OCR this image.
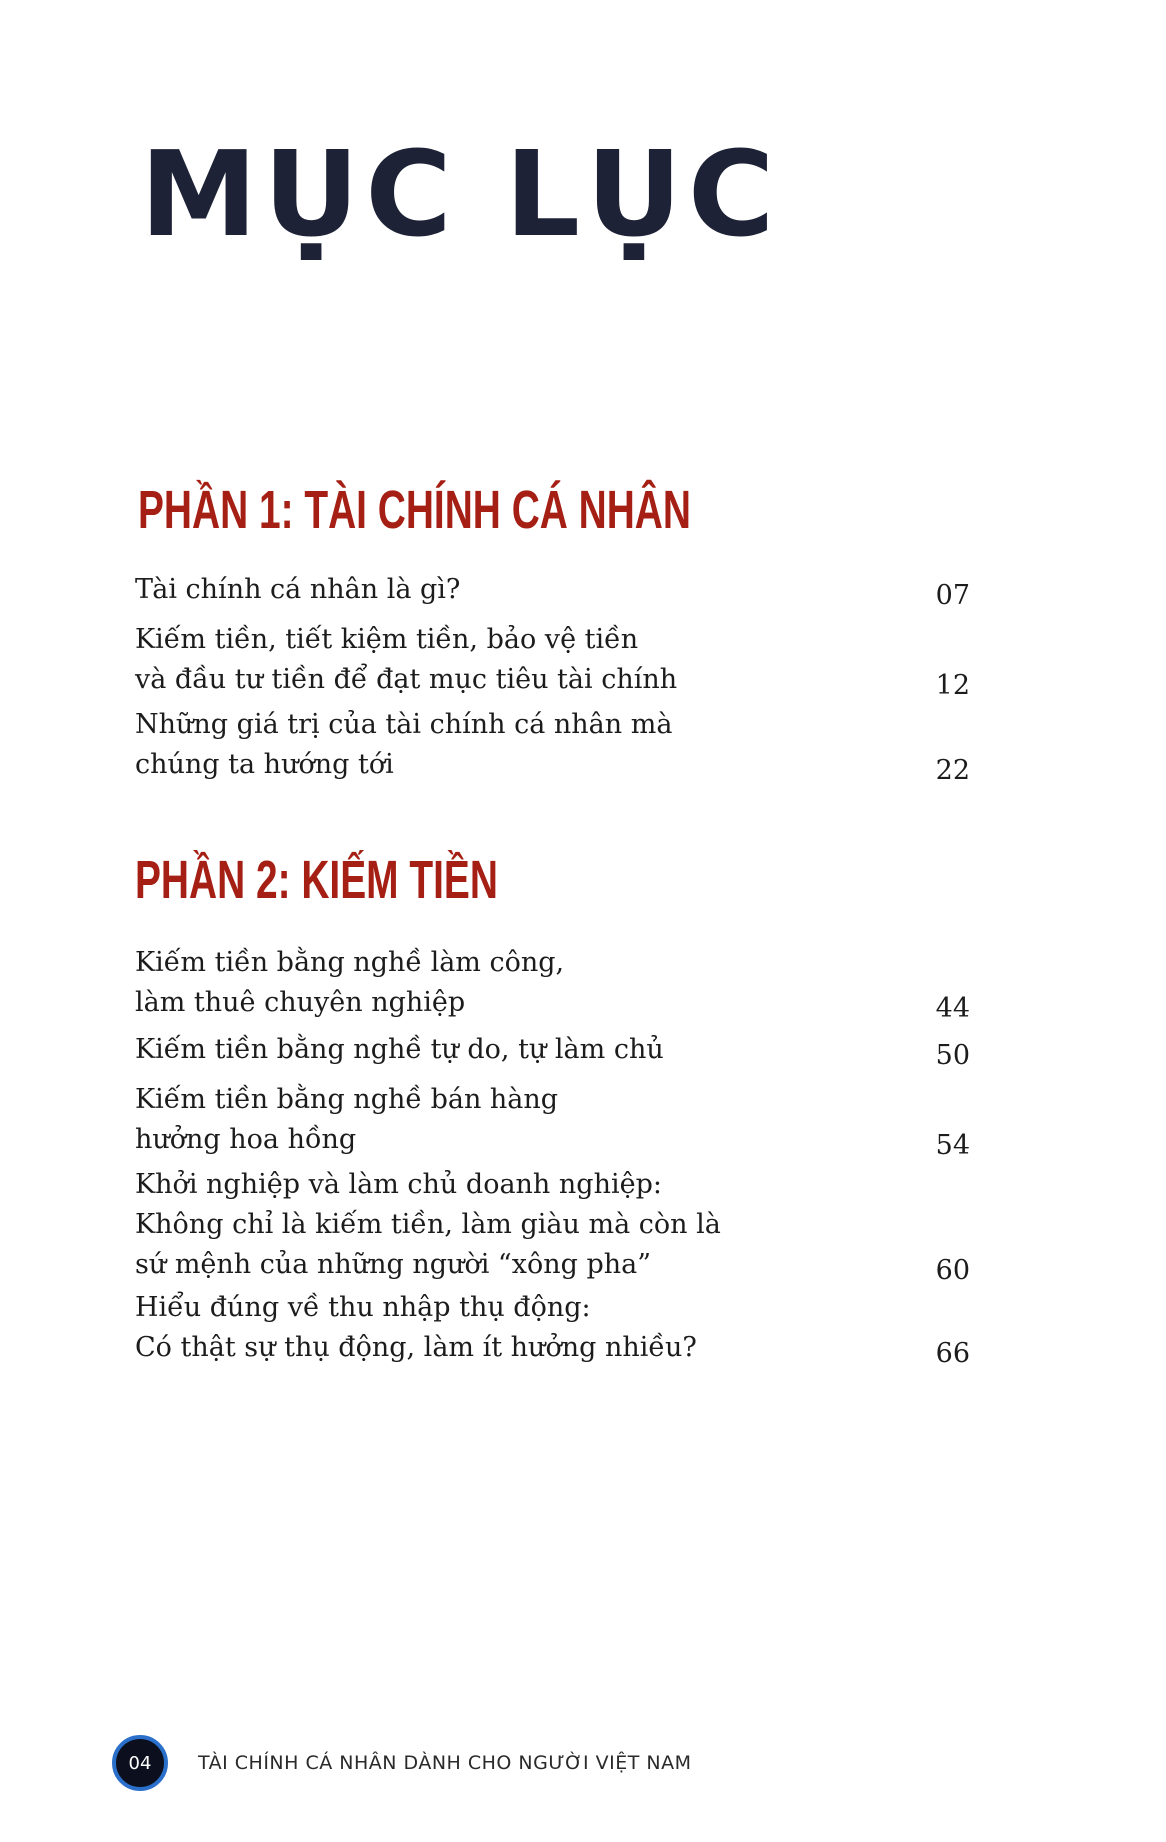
MỤC LỤC
PHẦN 1: TÀI CHÍNH CÁ NHÂN
Tài chính cá nhân là gì?	07
Kiếm tiền, tiết kiệm tiền, bảo vệ tiền
và đầu tư tiền để đạt mục tiêu tài chính	12
Những giá trị của tài chính cá nhân mà
chúng ta hướng tới	22
PHẦN 2: KIẾM TIỀN
Kiếm tiền bằng nghề làm công,
làm thuê chuyên nghiệp	44
Kiếm tiền bằng nghề tự do, tự làm chủ	50
Kiếm tiền bằng nghề bán hàng
hưởng hoa hồng	54
Khởi nghiệp và làm chủ doanh nghiệp:
Không chỉ là kiếm tiền, làm giàu mà còn là
sứ mệnh của những người “xông pha”	60
Hiểu đúng về thu nhập thụ động:
Có thật sự thụ động, làm ít hưởng nhiều?	66
04 TÀI CHÍNH CÁ NHÂN DÀNH CHO NGƯỜI VIỆT NAM
